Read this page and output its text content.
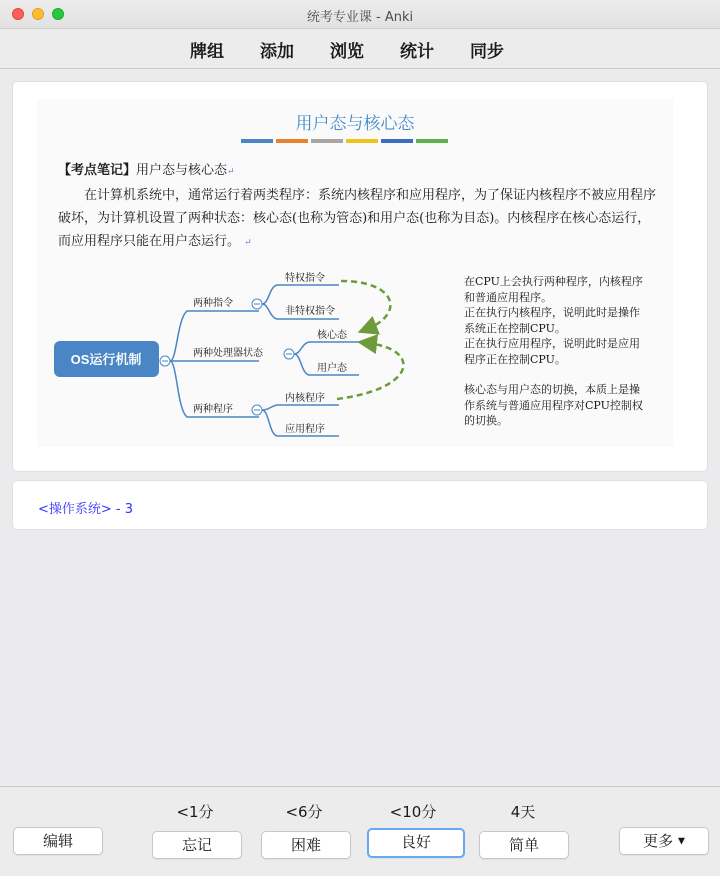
统考专业课 - Anki
牌组 添加 浏览 统计 同步
用户态与核心态

【考点笔记】用户态与核心态↵

在计算机系统中，通常运行着两类程序：系统内核程序和应用程序，为了保证内核程序不被应用程序破坏，为计算机设置了两种状态：核心态(也称为管态)和用户态(也称为目态)。内核程序在核心态运行，而应用程序只能在用户态运行。 ↵

OS运行机制
两种指令
两种处理器状态
两种程序
特权指令
非特权指令
核心态
用户态
内核程序
应用程序

在CPU上会执行两种程序，内核程序和普通应用程序。

正在执行内核程序，说明此时是操作系统正在控制CPU。

正在执行应用程序，说明此时是应用程序正在控制CPU。

核心态与用户态的切换，本质上是操作系统与普通应用程序对CPU控制权的切换。

<操作系统> - 3
<1分	<6分	<10分	4天
编辑	忘记	困难	良好	简单	更多 ▼
